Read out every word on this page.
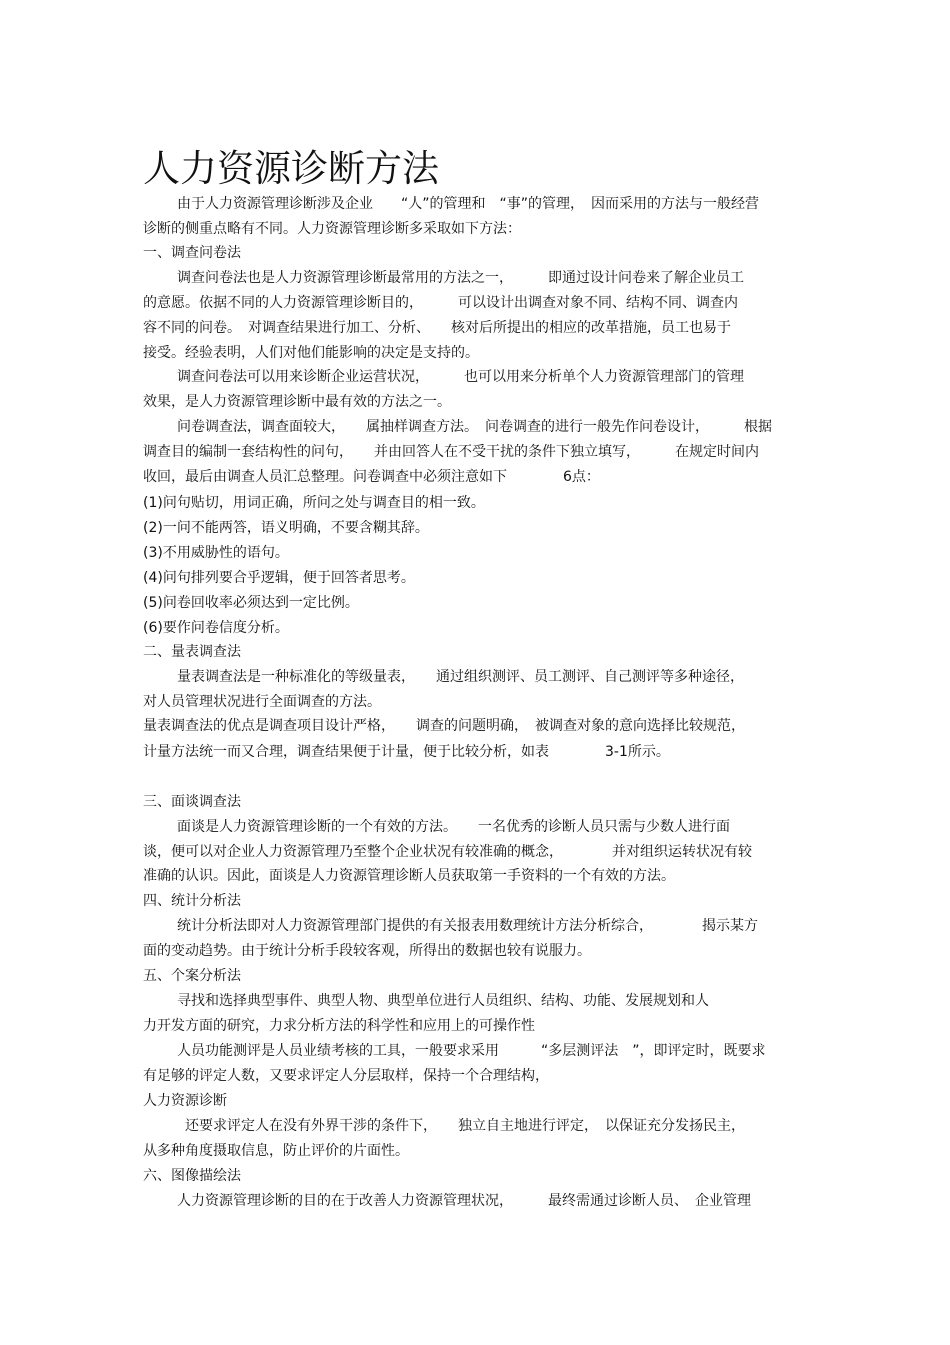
人力资源诊断方法
由于人力资源管理诊断涉及企业　　“人”的管理和　“事”的管理，　因而采用的方法与一般经营
诊断的侧重点略有不同。人力资源管理诊断多采取如下方法：
一、调查问卷法
调查问卷法也是人力资源管理诊断最常用的方法之一，　　　即通过设计问卷来了解企业员工
的意愿。依据不同的人力资源管理诊断目的，　　　可以设计出调查对象不同、结构不同、调查内
容不同的问卷。　对调查结果进行加工、分析、　　核对后所提出的相应的改革措施，员工也易于
接受。经验表明，人们对他们能影响的决定是支持的。
调查问卷法可以用来诊断企业运营状况，　　　也可以用来分析单个人力资源管理部门的管理
效果，是人力资源管理诊断中最有效的方法之一。
问卷调查法，调查面较大，　　属抽样调查方法。　问卷调查的进行一般先作问卷设计，　　　根据
调查目的编制一套结构性的问句，　　并由回答人在不受干扰的条件下独立填写，　　　在规定时间内
收回，最后由调查人员汇总整理。问卷调查中必须注意如下　　　　6点：
(1)问句贴切，用词正确，所问之处与调查目的相一致。
(2)一问不能两答，语义明确，不要含糊其辞。
(3)不用威胁性的语句。
(4)问句排列要合乎逻辑，便于回答者思考。
(5)问卷回收率必须达到一定比例。
(6)要作问卷信度分析。
二、量表调查法
量表调查法是一种标准化的等级量表，　　通过组织测评、员工测评、自己测评等多种途径，
对人员管理状况进行全面调查的方法。
量表调查法的优点是调查项目设计严格，　　调查的问题明确，　被调查对象的意向选择比较规范，
计量方法统一而又合理，调查结果便于计量，便于比较分析，如表　　　　3-1所示。
三、面谈调查法
面谈是人力资源管理诊断的一个有效的方法。　　一名优秀的诊断人员只需与少数人进行面
谈，便可以对企业人力资源管理乃至整个企业状况有较准确的概念，　　　　并对组织运转状况有较
准确的认识。因此，面谈是人力资源管理诊断人员获取第一手资料的一个有效的方法。
四、统计分析法
统计分析法即对人力资源管理部门提供的有关报表用数理统计方法分析综合，　　　　揭示某方
面的变动趋势。由于统计分析手段较客观，所得出的数据也较有说服力。
五、个案分析法
寻找和选择典型事件、典型人物、典型单位进行人员组织、结构、功能、发展规划和人
力开发方面的研究，力求分析方法的科学性和应用上的可操作性
人员功能测评是人员业绩考核的工具，一般要求采用　　　“多层测评法　”，即评定时，既要求
有足够的评定人数，又要求评定人分层取样，保持一个合理结构，
人力资源诊断
还要求评定人在没有外界干涉的条件下，　　独立自主地进行评定，　以保证充分发扬民主，
从多种角度摄取信息，防止评价的片面性。
六、图像描绘法
人力资源管理诊断的目的在于改善人力资源管理状况，　　　最终需通过诊断人员、　企业管理
